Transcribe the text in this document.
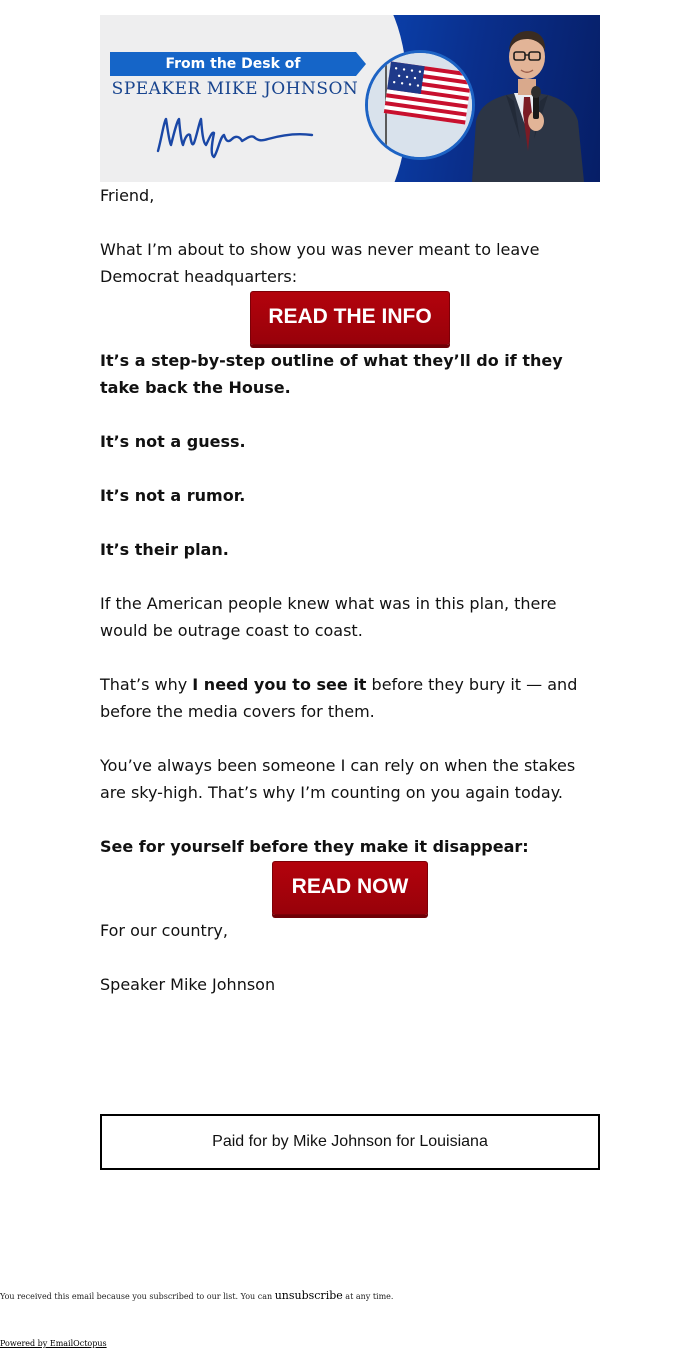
From the Desk of
SPEAKER MIKE JOHNSON

Friend,

What I’m about to show you was never meant to leave Democrat headquarters:

READ THE INFO

It’s a step-by-step outline of what they’ll do if they take back the House.

It’s not a guess.

It’s not a rumor.

It’s their plan.

If the American people knew what was in this plan, there would be outrage coast to coast.

That’s why I need you to see it before they bury it — and before the media covers for them.

You’ve always been someone I can rely on when the stakes are sky-high. That’s why I’m counting on you again today.

See for yourself before they make it disappear:

READ NOW

For our country,

Speaker Mike Johnson

Paid for by Mike Johnson for Louisiana
You received this email because you subscribed to our list. You can unsubscribe at any time.
Powered by EmailOctopus
